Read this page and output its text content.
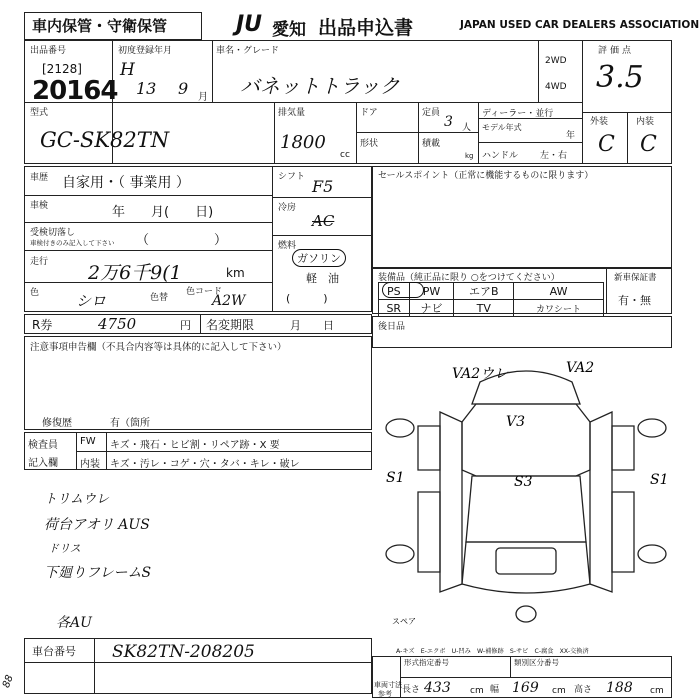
車内保管・守衛保管	JU 愛知 出品申込書	JAPAN USED CAR DEALERS ASSOCIATION
出品番号
[2128]
20164
初度登録年月
H
13 9 月
車名・グレード
バネットトラック
2WD
4WD
評価点
3.5
外装	内装
C C
型式
GC-SK82TN
排気量
1800
cc
ドア
形状
定員
3 人
積載
kg
ディーラー・並行
モデル年式
年
ハンドル 左・右
車歴 自家用・（ 事業用 ）
車検	年　　月(　　日)
受検切落し
車検付きのみ記入して下さい （　　　　　）
走行 2万6千9(1	km
色 シロ	色替
色コード
A2W
シフト F5
冷房
AC
燃料
ガソリン
軽　油
(　　　)
セールスポイント（正常に機能するものに限ります）
装備品（純正品に限り ○をつけてください）
PS	PW	エアB	AW
SR	ナビ	TV	カワシート
新車保証書
有・無
R券	4750	円 名変期限	月　　日	後日品
注意事項申告欄（不具合内容等は具体的に記入して下さい）
修復歴	有（箇所
検査員
記入欄
FW キズ・飛石・ヒビ割・リペア跡・X 要
内装 キズ・汚レ・コゲ・穴・タバ・キレ・破レ
トリムウレ
荷台アオリ AUS
ドリス
下廻りフレームS
各AU
VA2ウレ	VA2
V3
S3
S1	S1
スペア
A-キズ　E-エクボ　U-凹み　W-補修跡　S-サビ　C-腐食　XX-交換済
車台番号 SK82TN-208205
88
形式指定番号	類別区分番号
車両寸法
参考 長さ 433 cm 幅 169 cm 高さ 188 cm
